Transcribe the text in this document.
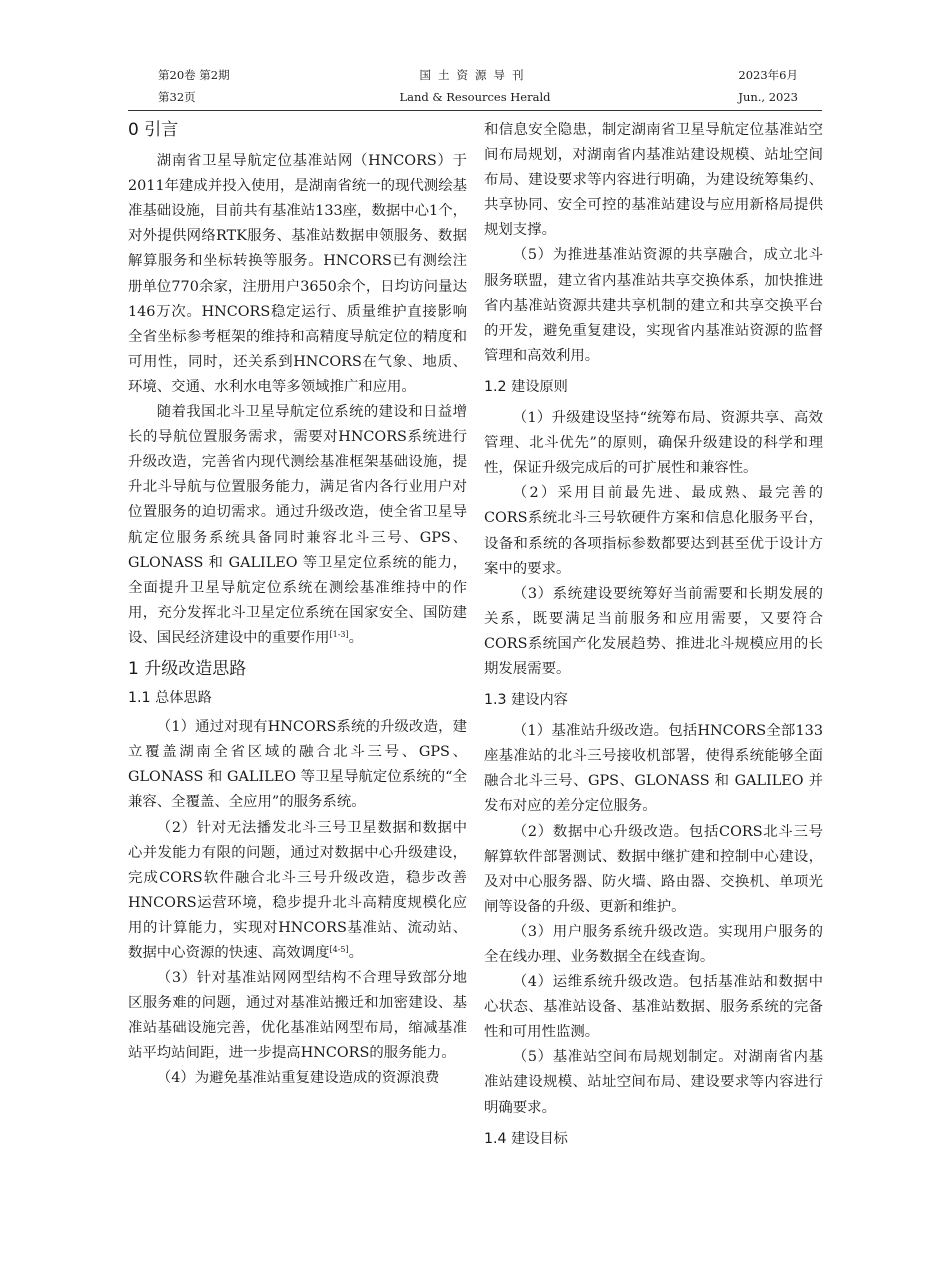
第20卷 第2期
第32页
国土资源导刊
Land & Resources Herald
2023年6月
Jun., 2023
0 引言

湖南省卫星导航定位基准站网（HNCORS）于2011年建成并投入使用，是湖南省统一的现代测绘基准基础设施，目前共有基准站133座，数据中心1个，对外提供网络RTK服务、基准站数据申领服务、数据解算服务和坐标转换等服务。HNCORS已有测绘注册单位770余家，注册用户3650余个，日均访问量达146万次。HNCORS稳定运行、质量维护直接影响全省坐标参考框架的维持和高精度导航定位的精度和可用性，同时，还关系到HNCORS在气象、地质、环境、交通、水利水电等多领域推广和应用。

随着我国北斗卫星导航定位系统的建设和日益增长的导航位置服务需求，需要对HNCORS系统进行升级改造，完善省内现代测绘基准框架基础设施，提升北斗导航与位置服务能力，满足省内各行业用户对位置服务的迫切需求。通过升级改造，使全省卫星导航定位服务系统具备同时兼容北斗三号、GPS、GLONASS 和 GALILEO 等卫星定位系统的能力，全面提升卫星导航定位系统在测绘基准维持中的作用，充分发挥北斗卫星定位系统在国家安全、国防建设、国民经济建设中的重要作用[1-3]。

1 升级改造思路
1.1 总体思路

（1）通过对现有HNCORS系统的升级改造，建立覆盖湖南全省区域的融合北斗三号、GPS、GLONASS 和 GALILEO 等卫星导航定位系统的“全兼容、全覆盖、全应用”的服务系统。

（2）针对无法播发北斗三号卫星数据和数据中心并发能力有限的问题，通过对数据中心升级建设，完成CORS软件融合北斗三号升级改造，稳步改善HNCORS运营环境，稳步提升北斗高精度规模化应用的计算能力，实现对HNCORS基准站、流动站、数据中心资源的快速、高效调度[4-5]。

（3）针对基准站网网型结构不合理导致部分地区服务难的问题，通过对基准站搬迁和加密建设、基准站基础设施完善，优化基准站网型布局，缩减基准站平均站间距，进一步提高HNCORS的服务能力。

（4）为避免基准站重复建设造成的资源浪费

和信息安全隐患，制定湖南省卫星导航定位基准站空间布局规划，对湖南省内基准站建设规模、站址空间布局、建设要求等内容进行明确，为建设统筹集约、共享协同、安全可控的基准站建设与应用新格局提供规划支撑。

（5）为推进基准站资源的共享融合，成立北斗服务联盟，建立省内基准站共享交换体系，加快推进省内基准站资源共建共享机制的建立和共享交换平台的开发，避免重复建设，实现省内基准站资源的监督管理和高效利用。

1.2 建设原则

（1）升级建设坚持“统筹布局、资源共享、高效管理、北斗优先”的原则，确保升级建设的科学和理性，保证升级完成后的可扩展性和兼容性。

（2）采用目前最先进、最成熟、最完善的CORS系统北斗三号软硬件方案和信息化服务平台，设备和系统的各项指标参数都要达到甚至优于设计方案中的要求。

（3）系统建设要统筹好当前需要和长期发展的关系，既要满足当前服务和应用需要，又要符合CORS系统国产化发展趋势、推进北斗规模应用的长期发展需要。

1.3 建设内容

（1）基准站升级改造。包括HNCORS全部133座基准站的北斗三号接收机部署，使得系统能够全面融合北斗三号、GPS、GLONASS 和 GALILEO 并发布对应的差分定位服务。

（2）数据中心升级改造。包括CORS北斗三号解算软件部署测试、数据中继扩建和控制中心建设，及对中心服务器、防火墙、路由器、交换机、单项光闸等设备的升级、更新和维护。

（3）用户服务系统升级改造。实现用户服务的全在线办理、业务数据全在线查询。

（4）运维系统升级改造。包括基准站和数据中心状态、基准站设备、基准站数据、服务系统的完备性和可用性监测。

（5）基准站空间布局规划制定。对湖南省内基准站建设规模、站址空间布局、建设要求等内容进行明确要求。

1.4 建设目标
